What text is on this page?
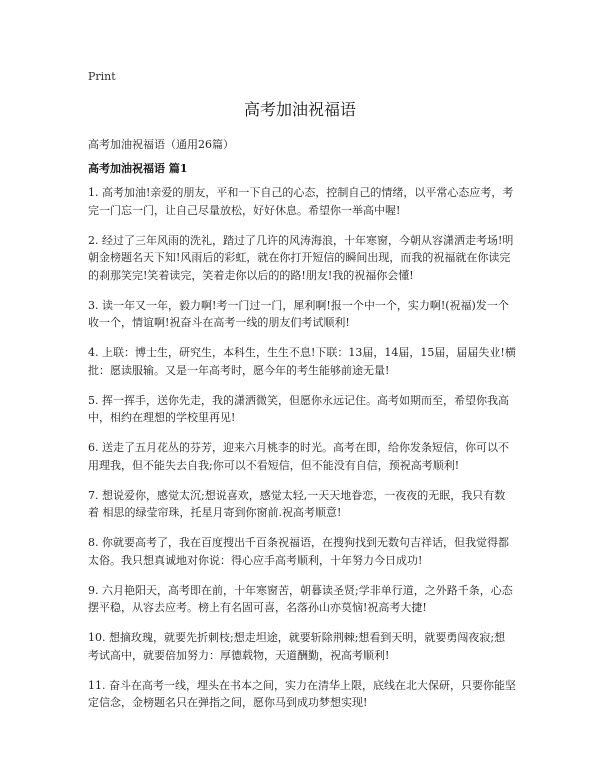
Print
高考加油祝福语
高考加油祝福语（通用26篇）
高考加油祝福语 篇1
1. 高考加油!亲爱的朋友，平和一下自己的心态，控制自己的情绪，以平常心态应考，考完一门忘一门，让自己尽量放松，好好休息。希望你一举高中喔!
2. 经过了三年风雨的洗礼，踏过了几许的风涛海浪，十年寒窗，今朝从容潇洒走考场!明朝金榜题名天下知!风雨后的彩虹，就在你打开短信的瞬间出现，而我的祝福就在你读完的刹那笑完!笑着读完，笑着走你以后的的路!朋友!我的祝福你会懂!
3. 读一年又一年，毅力啊!考一门过一门，犀利啊!报一个中一个，实力啊!(祝福)发一个收一个，情谊啊!祝奋斗在高考一线的朋友们考试顺利!
4. 上联：博士生，研究生，本科生，生生不息!下联：13届，14届，15届，届届失业!横批：愿读服输。又是一年高考时，愿今年的考生能够前途无量!
5. 挥一挥手，送你先走，我的潇洒微笑，但愿你永远记住。高考如期而至，希望你我高中，相约在理想的学校里再见!
6. 送走了五月花丛的芬芳，迎来六月桃李的时光。高考在即，给你发条短信，你可以不用理我，但不能失去自我;你可以不看短信，但不能没有自信，预祝高考顺利!
7. 想说爱你，感觉太沉;想说喜欢，感觉太轻,一天天地眷恋，一夜夜的无眠，我只有数着 相思的绿莹帘珠，托星月寄到你窗前.祝高考顺意!
8. 你就要高考了，我在百度搜出千百条祝福语，在搜狗找到无数句吉祥话，但我觉得都太俗。我只想真诚地对你说：得心应手高考顺利，十年努力今日成功!
9. 六月艳阳天，高考即在前，十年寒窗苦，朝暮读圣贤;学非单行道，之外路千条，心态摆平稳，从容去应考。榜上有名固可喜，名落孙山亦莫恼!祝高考大捷!
10. 想摘玫瑰，就要先折刺枝;想走坦途，就要斩除荆棘;想看到天明，就要勇闯夜寂;想考试高中，就要倍加努力：厚德载物，天道酬勤，祝高考顺利!
11. 奋斗在高考一线，埋头在书本之间，实力在清华上限，底线在北大保研，只要你能坚定信念，金榜题名只在弹指之间，愿你马到成功梦想实现!
